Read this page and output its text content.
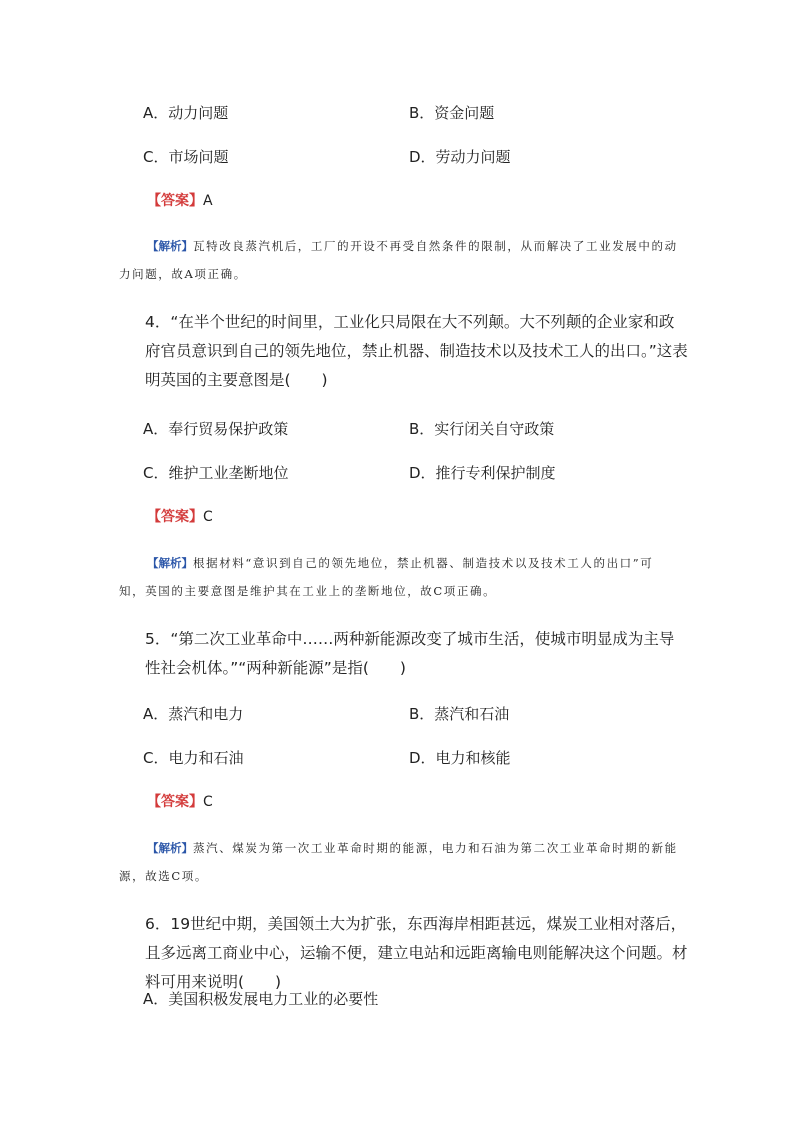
A．动力问题	B．资金问题
C．市场问题	D．劳动力问题
【答案】A
【解析】瓦特改良蒸汽机后，工厂的开设不再受自然条件的限制，从而解决了工业发展中的动力问题，故A项正确。
4．“在半个世纪的时间里，工业化只局限在大不列颠。大不列颠的企业家和政府官员意识到自己的领先地位，禁止机器、制造技术以及技术工人的出口。”这表明英国的主要意图是(　　)
A．奉行贸易保护政策	B．实行闭关自守政策
C．维护工业垄断地位	D．推行专利保护制度
【答案】C
【解析】根据材料“意识到自己的领先地位，禁止机器、制造技术以及技术工人的出口”可知，英国的主要意图是维护其在工业上的垄断地位，故C项正确。
5．“第二次工业革命中……两种新能源改变了城市生活，使城市明显成为主导性社会机体。”“两种新能源”是指(　　)
A．蒸汽和电力	B．蒸汽和石油
C．电力和石油	D．电力和核能
【答案】C
【解析】蒸汽、煤炭为第一次工业革命时期的能源，电力和石油为第二次工业革命时期的新能源，故选C项。
6．19世纪中期，美国领土大为扩张，东西海岸相距甚远，煤炭工业相对落后，且多远离工商业中心，运输不便，建立电站和远距离输电则能解决这个问题。材料可用来说明(　　)
A．美国积极发展电力工业的必要性
